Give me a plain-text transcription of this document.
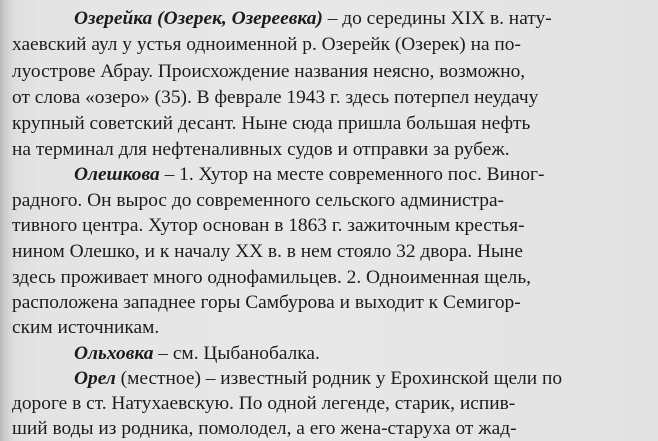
Озерейка (Озерек, Озереевка) – до середины XIX в. нату-
хаевский аул у устья одноименной р. Озерейк (Озерек) на по-
луострове Абрау. Происхождение названия неясно, возможно,
от слова «озеро» (35). В феврале 1943 г. здесь потерпел неудачу
крупный советский десант. Ныне сюда пришла большая нефть
на терминал для нефтеналивных судов и отправки за рубеж.
Олешкова – 1. Хутор на месте современного пос. Виног-
радного. Он вырос до современного сельского администра-
тивного центра. Хутор основан в 1863 г. зажиточным крестья-
нином Олешко, и к началу XX в. в нем стояло 32 двора. Ныне
здесь проживает много однофамильцев. 2. Одноименная щель,
расположена западнее горы Самбурова и выходит к Семигор-
ским источникам.
Ольховка – см. Цыбанобалка.
Орел (местное) – известный родник у Ерохинской щели по
дороге в ст. Натухаевскую. По одной легенде, старик, испив-
ший воды из родника, помолодел, а его жена-старуха от жад-
